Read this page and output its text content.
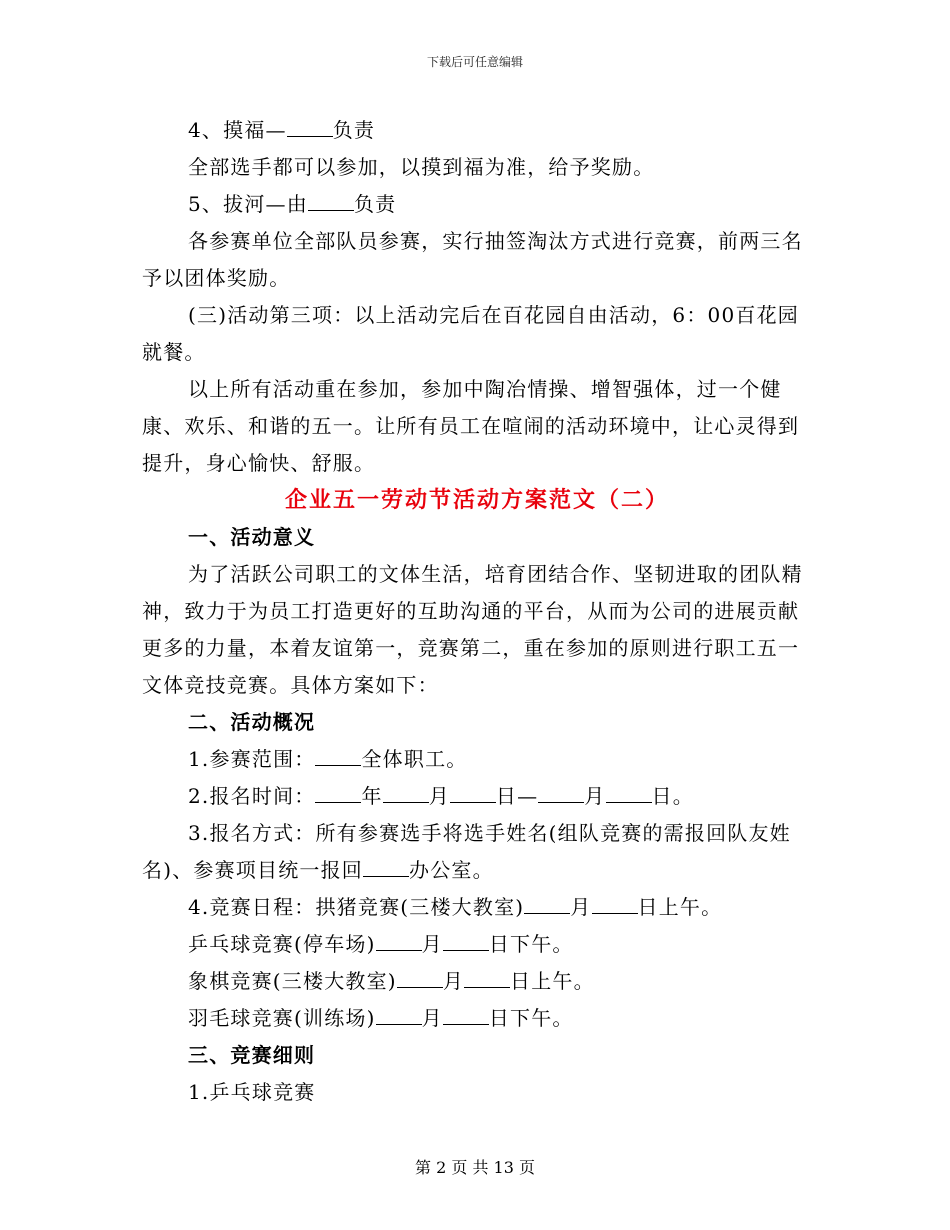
下载后可任意编辑

4、摸福— 负责

全部选手都可以参加，以摸到福为准，给予奖励。

5、拔河—由 负责

各参赛单位全部队员参赛，实行抽签淘汰方式进行竞赛，前两三名予以团体奖励。

(三)活动第三项：以上活动完后在百花园自由活动，6：00百花园就餐。

以上所有活动重在参加，参加中陶冶情操、增智强体，过一个健康、欢乐、和谐的五一。让所有员工在喧闹的活动环境中，让心灵得到提升，身心愉快、舒服。

企业五一劳动节活动方案范文（二）

一、活动意义

为了活跃公司职工的文体生活，培育团结合作、坚韧进取的团队精神，致力于为员工打造更好的互助沟通的平台，从而为公司的进展贡献更多的力量，本着友谊第一，竞赛第二，重在参加的原则进行职工五一文体竞技竞赛。具体方案如下：

二、活动概况

1.参赛范围： 全体职工。

2.报名时间： 年 月 日— 月 日。

3.报名方式：所有参赛选手将选手姓名(组队竞赛的需报回队友姓名)、参赛项目统一报回 办公室。

4.竞赛日程：拱猪竞赛(三楼大教室) 月 日上午。

乒乓球竞赛(停车场) 月 日下午。

象棋竞赛(三楼大教室) 月 日上午。

羽毛球竞赛(训练场) 月 日下午。

三、竞赛细则

1.乒乓球竞赛

第 2 页 共 13 页
